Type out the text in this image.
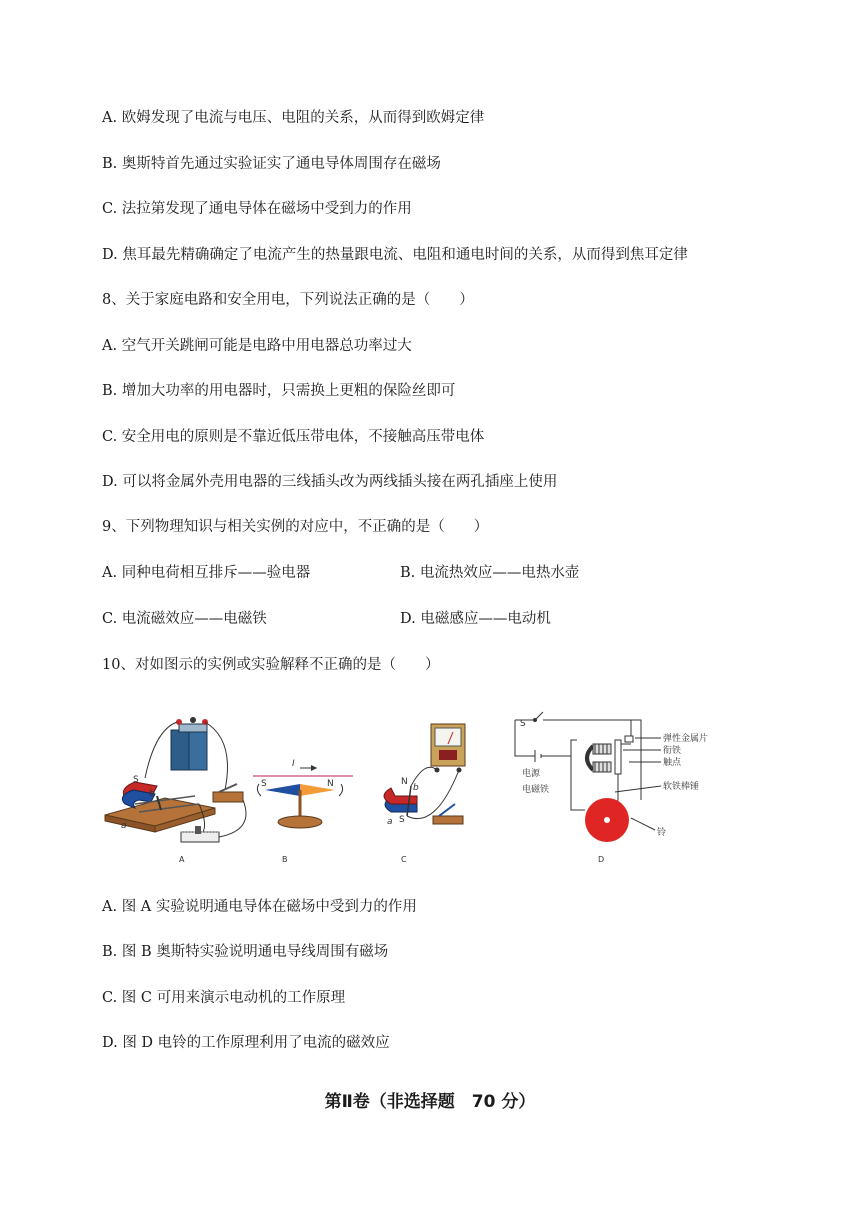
A. 欧姆发现了电流与电压、电阻的关系，从而得到欧姆定律
B. 奥斯特首先通过实验证实了通电导体周围存在磁场
C. 法拉第发现了通电导体在磁场中受到力的作用
D. 焦耳最先精确确定了电流产生的热量跟电流、电阻和通电时间的关系，从而得到焦耳定律
8、关于家庭电路和安全用电，下列说法正确的是（　　）
A. 空气开关跳闸可能是电路中用电器总功率过大
B. 增加大功率的用电器时，只需换上更粗的保险丝即可
C. 安全用电的原则是不靠近低压带电体，不接触高压带电体
D. 可以将金属外壳用电器的三线插头改为两线插头接在两孔插座上使用
9、下列物理知识与相关实例的对应中，不正确的是（　　）
A. 同种电荷相互排斥——验电器	B. 电流热效应——电热水壶
C. 电流磁效应——电磁铁	D. 电磁感应——电动机
10、对如图示的实例或实验解释不正确的是（　　）
S
b
a
A
I
S	N
B
N
b
a S
C
S
电源
电磁铁
弹性金属片
衔铁
触点
软铁棒锤
铃
D
A. 图 A 实验说明通电导体在磁场中受到力的作用
B. 图 B 奥斯特实验说明通电导线周围有磁场
C. 图 C 可用来演示电动机的工作原理
D. 图 D 电铃的工作原理利用了电流的磁效应
第Ⅱ卷（非选择题　70 分）
